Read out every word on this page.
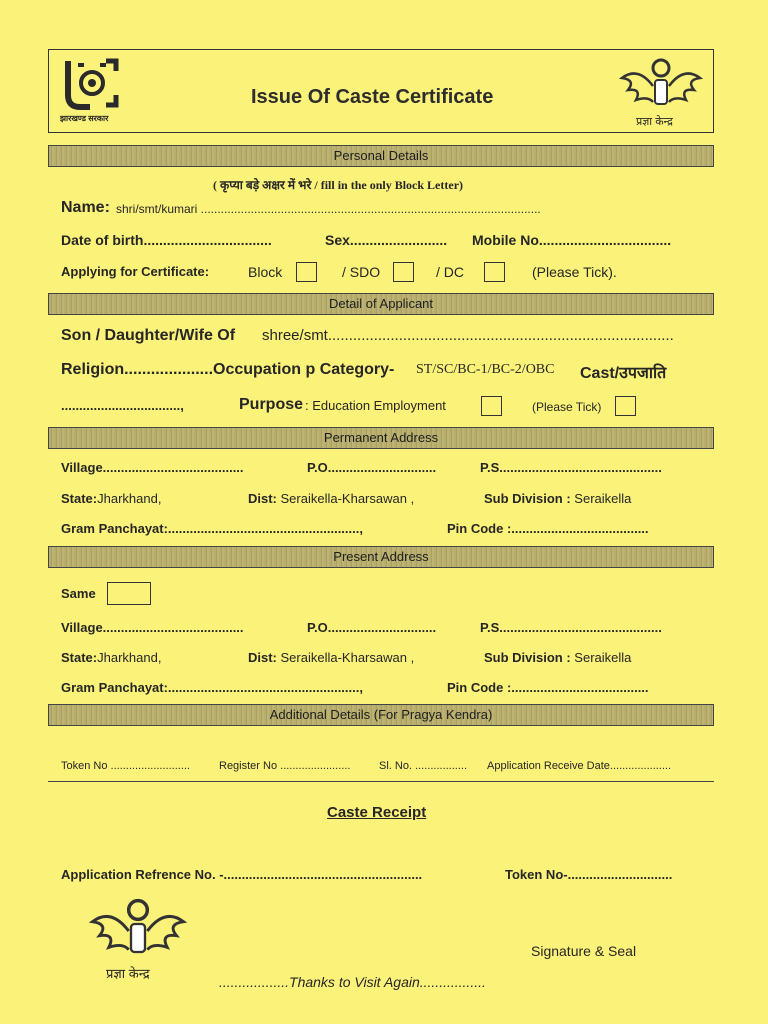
झारखण्ड सरकार
Issue Of Caste Certificate
प्रज्ञा केन्द्र
Personal Details
( कृप्या बड़े अक्षर में भरे / fill in the only Block Letter)
Name: shri/smt/kumari ......................................................................................................
Date of birth.................................	Sex......................... Mobile No..................................
Applying for Certificate:	Block	/ SDO	/ DC	(Please Tick).
Detail of Applicant
Son / Daughter/Wife Of shree/smt...................................................................................
Religion....................Occupation p Category- ST/SC/BC-1/BC-2/OBC Cast/उपजाति
.................................,	Purpose : Education Employment	(Please Tick)
Permanent Address
Village.......................................	P.O..............................	P.S.............................................
State:Jharkhand,	Dist: Seraikella-Kharsawan ,	Sub Division : Seraikella
Gram Panchayat:.....................................................,	Pin Code :......................................
Present Address
Same
Village.......................................	P.O..............................	P.S.............................................
State:Jharkhand,	Dist: Seraikella-Kharsawan ,	Sub Division : Seraikella
Gram Panchayat:.....................................................,	Pin Code :......................................
Additional Details (For Pragya Kendra)
Token No ..........................	Register No .......................	Sl. No. ................. Application Receive Date....................
Caste Receipt
Application Refrence No. -.......................................................	Token No-.............................
प्रज्ञा केन्द्र
Signature & Seal
..................Thanks to Visit Again.................
